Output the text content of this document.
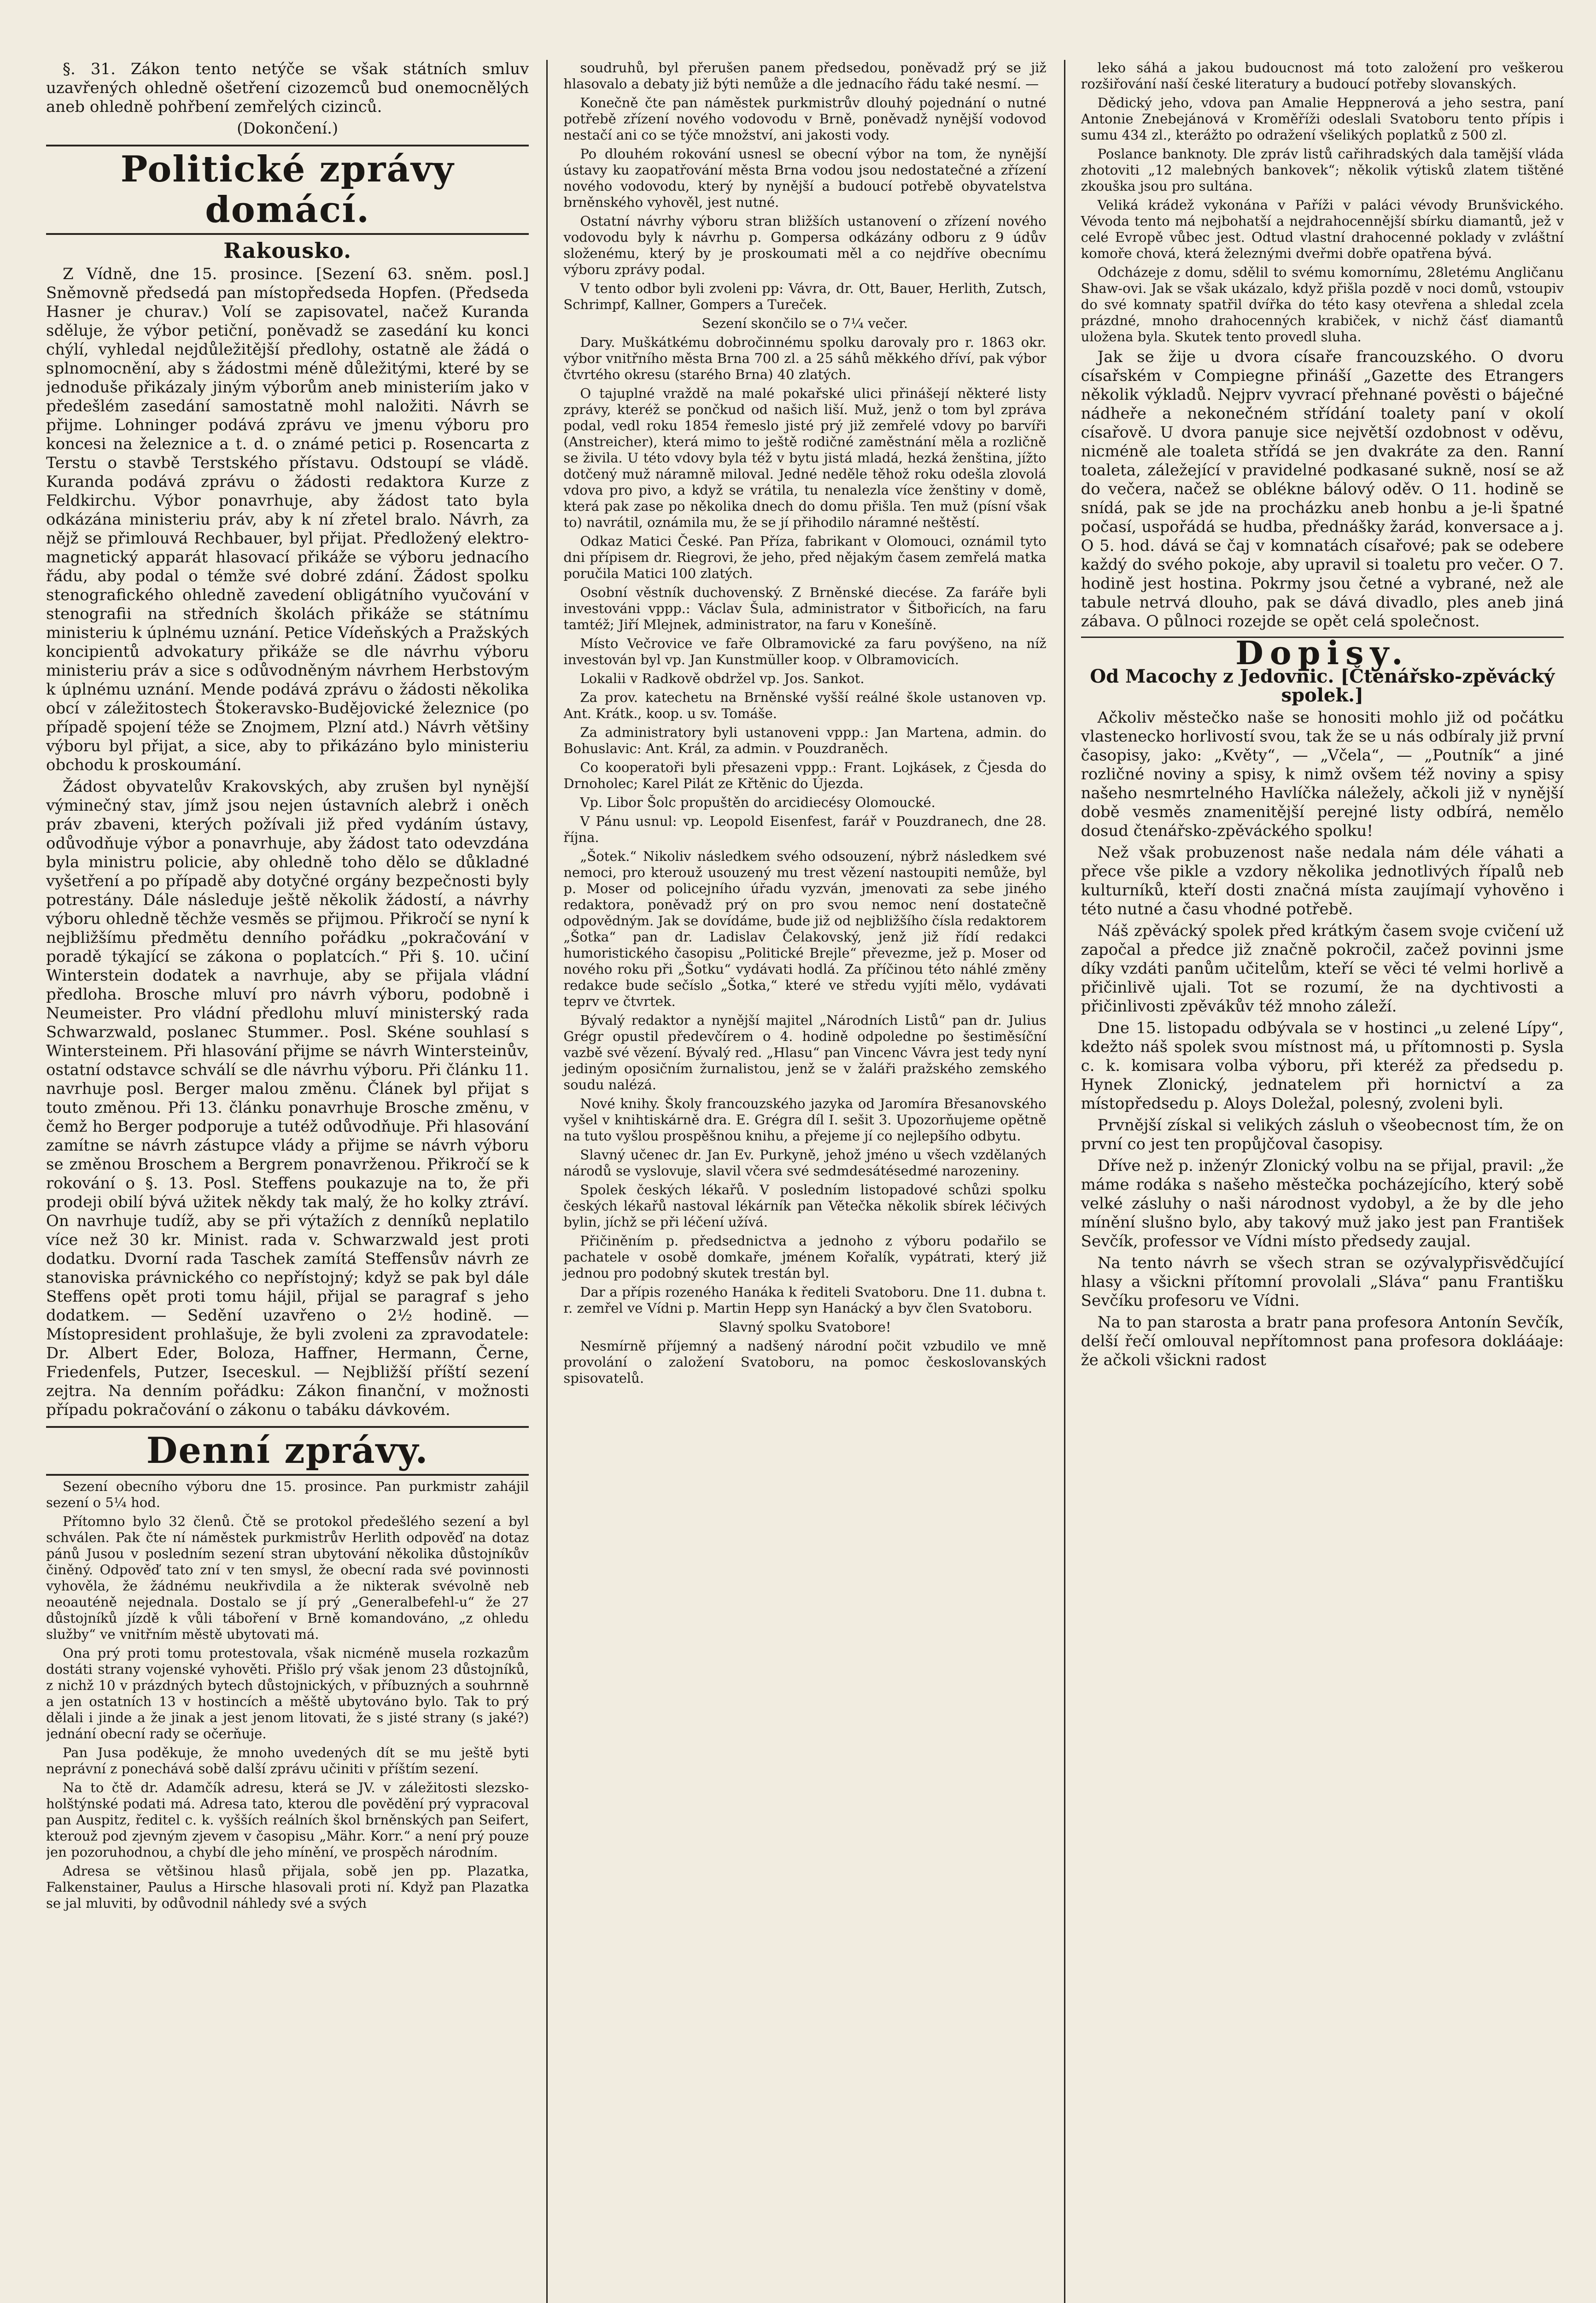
§. 31. Zákon tento netýče se však státních smluv uzavřených ohledně ošetření cizozemců bud onemocnělých aneb ohledně pohřbení zemřelých cizinců.

(Dokončení.)

Politické zprávy domácí.
Rakousko.

Z Vídně, dne 15. prosince. [Sezení 63. sněm. posl.] Sněmovně předsedá pan místopředseda Hopfen. (Předseda Hasner je churav.) Volí se zapisovatel, načež Kuranda sděluje, že výbor petiční, poněvadž se zasedání ku konci chýlí, vyhledal nejdůležitější předlohy, ostatně ale žádá o splnomocnění, aby s žádostmi méně důležitými, které by se jednoduše přikázaly jiným výborům aneb ministeriím jako v předešlém zasedání samostatně mohl naložiti. Návrh se přijme. Lohninger podává zprávu ve jmenu výboru pro koncesi na železnice a t. d. o známé petici p. Rosencarta z Terstu o stavbě Terstského přístavu. Odstoupí se vládě. Kuranda podává zprávu o žádosti redaktora Kurze z Feldkirchu. Výbor ponavrhuje, aby žádost tato byla odkázána ministeriu práv, aby k ní zřetel bralo. Návrh, za nějž se přimlouvá Rechbauer, byl přijat. Předložený elektro-magnetický apparát hlasovací přikáže se výboru jednacího řádu, aby podal o témže své dobré zdání. Žádost spolku stenografického ohledně zavedení obligátního vyučování v stenografii na středních školách přikáže se státnímu ministeriu k úplnému uznání. Petice Vídeňských a Pražských koncipientů advokatury přikáže se dle návrhu výboru ministeriu práv a sice s odůvodněným návrhem Herbstovým k úplnému uznání. Mende podává zprávu o žádosti několika obcí v záležitostech Štokeravsko-Budějovické železnice (po případě spojení téže se Znojmem, Plzní atd.) Návrh většiny výboru byl přijat, a sice, aby to přikázáno bylo ministeriu obchodu k proskoumání.

Žádost obyvatelův Krakovských, aby zrušen byl nynější výminečný stav, jímž jsou nejen ústavních alebrž i oněch práv zbaveni, kterých požívali již před vydáním ústavy, odůvodňuje výbor a ponavrhuje, aby žádost tato odevzdána byla ministru policie, aby ohledně toho dělo se důkladné vyšetření a po případě aby dotyčné orgány bezpečnosti byly potrestány. Dále následuje ještě několik žádostí, a návrhy výboru ohledně těchže vesměs se přijmou. Přikročí se nyní k nejbližšímu předmětu denního pořádku „pokračování v poradě týkající se zákona o poplatcích.“ Při §. 10. učiní Winterstein dodatek a navrhuje, aby se přijala vládní předloha. Brosche mluví pro návrh výboru, podobně i Neumeister. Pro vládní předlohu mluví ministerský rada Schwarzwald, poslanec Stummer.. Posl. Skéne souhlasí s Wintersteinem. Při hlasování přijme se návrh Wintersteinův, ostatní odstavce schválí se dle návrhu výboru. Při článku 11. navrhuje posl. Berger malou změnu. Článek byl přijat s touto změnou. Při 13. článku ponavrhuje Brosche změnu, v čemž ho Berger podporuje a tutéž odůvodňuje. Při hlasování zamítne se návrh zástupce vlády a přijme se návrh výboru se změnou Broschem a Bergrem ponavrženou. Přikročí se k rokování o §. 13. Posl. Steffens poukazuje na to, že při prodeji obilí bývá užitek někdy tak malý, že ho kolky ztráví. On navrhuje tudíž, aby se při výtažích z denníků neplatilo více než 30 kr. Minist. rada v. Schwarzwald jest proti dodatku. Dvorní rada Taschek zamítá Steffensův návrh ze stanoviska právnického co nepřístojný; když se pak byl dále Steffens opět proti tomu hájil, přijal se paragraf s jeho dodatkem. — Sedění uzavřeno o 2½ hodině. — Místopresident prohlašuje, že byli zvoleni za zpravodatele: Dr. Albert Eder, Boloza, Haffner, Hermann, Černe, Friedenfels, Putzer, Iseceskul. — Nejbližší příští sezení zejtra. Na denním pořádku: Zákon finanční, v možnosti případu pokračování o zákonu o tabáku dávkovém.

Denní zprávy.

Sezení obecního výboru dne 15. prosince. Pan purkmistr zahájil sezení o 5¼ hod.

Přítomno bylo 32 členů. Čtě se protokol předešlého sezení a byl schválen. Pak čte ní náměstek purkmistrův Herlith odpověď na dotaz pánů Jusou v posledním sezení stran ubytování několika důstojníkův činěný. Odpověď tato zní v ten smysl, že obecní rada své povinnosti vyhověla, že žádnému neukřivdila a že nikterak svévolně neb neoauténě nejednala. Dostalo se jí prý „Generalbefehl-u“ že 27 důstojníků jízdě k vůli táboření v Brně komandováno, „z ohledu služby“ ve vnitřním městě ubytovati má.

Ona prý proti tomu protestovala, však nicméně musela rozkazům dostáti strany vojenské vyhověti. Přišlo prý však jenom 23 důstojníků, z nichž 10 v prázdných bytech důstojnických, v příbuzných a souhrnně a jen ostatních 13 v hostincích a měště ubytováno bylo. Tak to prý dělali i jinde a že jinak a jest jenom litovati, že s jisté strany (s jaké?) jednání obecní rady se očerňuje.

Pan Jusa poděkuje, že mnoho uvedených dít se mu ještě byti neprávní z ponechává sobě další zprávu učiniti v příštím sezení.

Na to čtě dr. Adamčík adresu, která se JV. v záležitosti slezsko-holštýnské podati má. Adresa tato, kterou dle povědění prý vypracoval pan Auspitz, ředitel c. k. vyšších reálních škol brněnských pan Seifert, kterouž pod zjevným zjevem v časopisu „Mähr. Korr.“ a není prý pouze jen pozoruhodnou, a chybí dle jeho mínění, ve prospěch národním.

Adresa se většinou hlasů přijala, sobě jen pp. Plazatka, Falkenstainer, Paulus a Hirsche hlasovali proti ní. Když pan Plazatka se jal mluviti, by odůvodnil náhledy své a svých

soudruhů, byl přerušen panem předsedou, poněvadž prý se již hlasovalo a debaty již býti nemůže a dle jednacího řádu také nesmí. —

Konečně čte pan náměstek purkmistrův dlouhý pojednání o nutné potřebě zřízení nového vodovodu v Brně, poněvadž nynější vodovod nestačí ani co se týče množství, ani jakosti vody.

Po dlouhém rokování usnesl se obecní výbor na tom, že nynější ústavy ku zaopatřování města Brna vodou jsou nedostatečné a zřízení nového vodovodu, který by nynější a budoucí potřebě obyvatelstva brněnského vyhověl, jest nutné.

Ostatní návrhy výboru stran bližších ustanovení o zřízení nového vodovodu byly k návrhu p. Gompersa odkázány odboru z 9 údův složenému, který by je proskoumati měl a co nejdříve obecnímu výboru zprávy podal.

V tento odbor byli zvoleni pp: Vávra, dr. Ott, Bauer, Herlith, Zutsch, Schrimpf, Kallner, Gompers a Tureček.

Sezení skončilo se o 7¼ večer.

Dary. Muškátkému dobročinnému spolku darovaly pro r. 1863 okr. výbor vnitřního města Brna 700 zl. a 25 sáhů měkkého dříví, pak výbor čtvrtého okresu (starého Brna) 40 zlatých.

O tajuplné vraždě na malé pokařské ulici přinášejí některé listy zprávy, kteréž se pončkud od našich liší. Muž, jenž o tom byl zpráva podal, vedl roku 1854 řemeslo jisté prý již zemřelé vdovy po barvíři (Anstreicher), která mimo to ještě rodičné zaměstnání měla a rozličně se živila. U této vdovy byla též v bytu jistá mladá, hezká ženština, jížto dotčený muž náramně miloval. Jedné neděle těhož roku odešla zlovolá vdova pro pivo, a když se vrátila, tu nenalezla více ženštiny v domě, která pak zase po několika dnech do domu přišla. Ten muž (písní však to) navrátil, oznámila mu, že se jí přihodilo náramné neštěstí.

Odkaz Matici České. Pan Příza, fabrikant v Olomouci, oznámil tyto dni přípisem dr. Riegrovi, že jeho, před nějakým časem zemřelá matka poručila Matici 100 zlatých.

Osobní věstník duchovenský. Z Brněnské diecése. Za faráře byli investováni vppp.: Václav Šula, administrator v Šitbořicích, na faru tamtéž; Jiří Mlejnek, administrator, na faru v Konešíně.

Místo Večrovice ve faře Olbramovické za faru povýšeno, na níž investován byl vp. Jan Kunstmüller koop. v Olbramovicích.

Lokalii v Radkově obdržel vp. Jos. Sankot.

Za prov. katechetu na Brněnské vyšší reálné škole ustanoven vp. Ant. Krátk., koop. u sv. Tomáše.

Za administratory byli ustanoveni vppp.: Jan Martena, admin. do Bohuslavic: Ant. Král, za admin. v Pouzdraněch.

Co kooperatoři byli přesazeni vppp.: Frant. Lojkásek, z Čjesda do Drnoholec; Karel Pilát ze Křtěnic do Újezda.

Vp. Libor Šolc propuštěn do arcidiecésy Olomoucké.

V Pánu usnul: vp. Leopold Eisenfest, farář v Pouzdranech, dne 28. října.

„Šotek.“ Nikoliv následkem svého odsouzení, nýbrž následkem své nemoci, pro kterouž usouzený mu trest vězení nastoupiti nemůže, byl p. Moser od policejního úřadu vyzván, jmenovati za sebe jiného redaktora, poněvadž prý on pro svou nemoc není dostatečně odpovědným. Jak se dovídáme, bude již od nejbližšího čísla redaktorem „Šotka“ pan dr. Ladislav Čelakovský, jenž již řídí redakci humoristického časopisu „Politické Brejle“ převezme, jež p. Moser od nového roku při „Šotku“ vydávati hodlá. Za příčinou této náhlé změny redakce bude sečíslo „Šotka,“ které ve středu vyjíti mělo, vydávati teprv ve čtvrtek.

Bývalý redaktor a nynější majitel „Národních Listů“ pan dr. Julius Grégr opustil předevčírem o 4. hodině odpoledne po šestiměsíční vazbě své vězení. Bývalý red. „Hlasu“ pan Vincenc Vávra jest tedy nyní jediným oposičním žurnalistou, jenž se v žaláři pražského zemského soudu nalézá.

Nové knihy. Školy francouzského jazyka od Jaromíra Břesanovského vyšel v knihtiskárně dra. E. Grégra díl I. sešit 3. Upozorňujeme opětně na tuto vyšlou prospěšnou knihu, a přejeme jí co nejlepšího odbytu.

Slavný učenec dr. Jan Ev. Purkyně, jehož jméno u všech vzdělaných národů se vyslovuje, slavil včera své sedmdesátésedmé narozeniny.

Spolek českých lékařů. V posledním listopadové schůzi spolku českých lékařů nastoval lékárník pan Větečka několik sbírek léčivých bylin, jíchž se při léčení užívá.

Přičiněním p. předsednictva a jednoho z výboru podařilo se pachatele v osobě domkaře, jménem Kořalík, vypátrati, který již jednou pro podobný skutek trestán byl.

Dar a přípis rozeného Hanáka k řediteli Svatoboru. Dne 11. dubna t. r. zemřel ve Vídni p. Martin Hepp syn Hanácký a byv člen Svatoboru.

Slavný spolku Svatobore!

Nesmírně příjemný a nadšený národní počit vzbudilo ve mně provolání o založení Svatoboru, na pomoc českoslovanských spisovatelů.

leko sáhá a jakou budoucnost má toto založení pro veškerou rozšiřování naší české literatury a budoucí potřeby slovanských.

Dědický jeho, vdova pan Amalie Heppnerová a jeho sestra, paní Antonie Znebejánová v Kroměříži odeslali Svatoboru tento přípis i sumu 434 zl., kterážto po odražení všelikých poplatků z 500 zl.

Poslance banknoty. Dle zpráv listů cařihradských dala tamější vláda zhotoviti „12 malebných bankovek“; několik výtisků zlatem tištěné zkouška jsou pro sultána.

Veliká krádež vykonána v Paříži v paláci vévody Brunšvického. Vévoda tento má nejbohatší a nejdrahocennější sbírku diamantů, jež v celé Evropě vůbec jest. Odtud vlastní drahocenné poklady v zvláštní komoře chová, která železnými dveřmi dobře opatřena bývá.

Odcházeje z domu, sdělil to svému komornímu, 28letému Angličanu Shaw-ovi. Jak se však ukázalo, když přišla pozdě v noci domů, vstoupiv do své komnaty spatřil dvířka do této kasy otevřena a shledal zcela prázdné, mnoho drahocenných krabiček, v nichž čásť diamantů uložena byla. Skutek tento provedl sluha.

Jak se žije u dvora císaře francouzského. O dvoru císařském v Compiegne přináší „Gazette des Etrangers několik výkladů. Nejprv vyvrací přehnané pověsti o báječné nádheře a nekonečném střídání toalety paní v okolí císařově. U dvora panuje sice největší ozdobnost v oděvu, nicméně ale toaleta střídá se jen dvakráte za den. Ranní toaleta, záležející v pravidelné podkasané sukně, nosí se až do večera, načež se oblékne bálový oděv. O 11. hodině se snídá, pak se jde na procházku aneb honbu a je-li špatné počasí, uspořádá se hudba, přednášky žarád, konversace a j. O 5. hod. dává se čaj v komnatách císařové; pak se odebere každý do svého pokoje, aby upravil si toaletu pro večer. O 7. hodině jest hostina. Pokrmy jsou četné a vybrané, než ale tabule netrvá dlouho, pak se dává divadlo, ples aneb jiná zábava. O půlnoci rozejde se opět celá společnost.

Dopisy.
Od Macochy z Jedovnic. [Čtenářsko-zpěvácký spolek.]

Ačkoliv městečko naše se honositi mohlo již od počátku vlastenecko horlivostí svou, tak že se u nás odbíraly již první časopisy, jako: „Květy“, — „Včela“, — „Poutník“ a jiné rozličné noviny a spisy, k nimž ovšem též noviny a spisy našeho nesmrtelného Havlíčka náležely, ačkoli již v nynější době vesměs znamenitější perejné listy odbírá, nemělo dosud čtenářsko-zpěváckého spolku!

Než však probuzenost naše nedala nám déle váhati a přece vše pikle a vzdory několika jednotlivých řípalů neb kulturníků, kteří dosti značná místa zaujímají vyhověno i této nutné a času vhodné potřebě.

Náš zpěvácký spolek před krátkým časem svoje cvičení už započal a předce již značně pokročil, začež povinni jsme díky vzdáti panům učitelům, kteří se věci té velmi horlivě a přičinlivě ujali. Tot se rozumí, že na dychtivosti a přičinlivosti zpěvákův též mnoho záleží.

Dne 15. listopadu odbývala se v hostinci „u zelené Lípy“, kdežto náš spolek svou místnost má, u přítomnosti p. Sysla c. k. komisara volba výboru, při kteréž za předsedu p. Hynek Zlonický, jednatelem při hornictví a za místopředsedu p. Aloys Doležal, polesný, zvoleni byli.

Prvnější získal si velikých zásluh o všeobecnost tím, že on první co jest ten propůjčoval časopisy.

Dříve než p. inženýr Zlonický volbu na se přijal, pravil: „že máme rodáka s našeho městečka pocházejícího, který sobě velké zásluhy o naši národnost vydobyl, a že by dle jeho mínění slušno bylo, aby takový muž jako jest pan František Sevčík, professor ve Vídni místo předsedy zaujal.

Na tento návrh se všech stran se ozývalypřisvědčující hlasy a všickni přítomní provolali „Sláva“ panu Františku Sevčíku profesoru ve Vídni.

Na to pan starosta a bratr pana profesora Antonín Sevčík, delší řečí omlouval nepřítomnost pana profesora doklááaje: že ačkoli všickni radost
